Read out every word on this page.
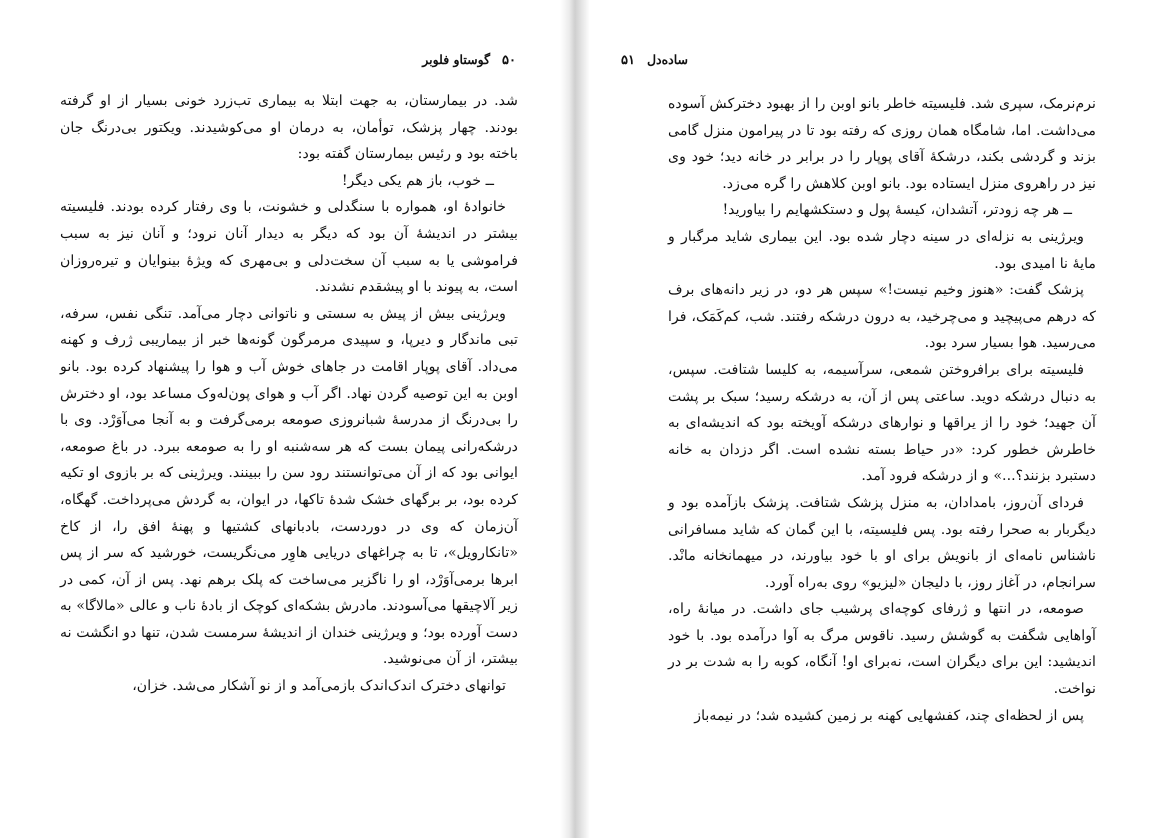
۵۰
گوستاو فلوبر

شد. در بیمارستان، به جهت ابتلا به بیماری تب‌زرد خونی بسیار از او گرفته بودند. چهار پزشک، توأمان، به درمان او می‌کوشیدند. ویکتور بی‌درنگ جان باخته بود و رئیس بیمارستان گفته بود:

ــ خوب، باز هم یکی دیگر!

خانوادهٔ او، همواره با سنگدلی و خشونت، با وی رفتار کرده بودند. فلیسیته بیشتر در اندیشهٔ آن بود که دیگر به دیدار آنان نرود؛ و آنان نیز به سبب فراموشی یا به سبب آن سخت‌دلی و بی‌مهری که ویژهٔ بینوایان و تیره‌روزان است، به پیوند با او پیشقدم نشدند.

ویرژینی بیش از پیش به سستی و ناتوانی دچار می‌آمد. تنگی نفس، سرفه، تبی ماندگار و دیرپا، و سپیدی مرمرگون گونه‌ها خبر از بیماریبی ژرف و کهنه می‌داد. آقای پوپار اقامت در جاهای خوش آب و هوا را پیشنهاد کرده بود. بانو اوبن به این توصیه گردن نهاد. اگر آب و هوای پون‌له‌وک مساعد بود، او دخترش را بی‌درنگ از مدرسهٔ شبانروزی صومعه برمی‌گرفت و به آنجا می‌آوَرْد. وی با درشکه‌رانی پیمان بست که هر سه‌شنبه او را به صومعه ببرد. در باغ صومعه، ایوانی بود که از آن می‌توانستند رود سن را ببینند. ویرژینی که بر بازوی او تکیه کرده بود، بر برگهای خشک شدهٔ تاکها، در ایوان، به گردش می‌پرداخت. گهگاه، آن‌زمان که وی در دوردست، بادبانهای کشتیها و پهنهٔ افق را، از کاخ «تانکارویل»، تا به چراغهای دریایی هاوِر می‌نگریست، خورشید که سر از پس ابرها برمی‌آوَرْد، او را ناگزیر می‌ساخت که پلک برهم نهد. پس از آن، کمی در زیر آلاچیقها می‌آسودند. مادرش بشکه‌ای کوچک از بادهٔ ناب و عالی «مالاگا» به دست آورده بود؛ و ویرژینی خندان از اندیشهٔ سرمست شدن، تنها دو انگشت نه بیشتر، از آن می‌نوشید.

توانهای دخترک اندک‌اندک بازمی‌آمد و از نو آشکار می‌شد. خزان،

ساده‌دل
۵۱

نرم‌نرمک، سپری شد. فلیسیته خاطر بانو اوبن را از بهبود دخترکش آسوده می‌داشت. اما، شامگاه همان روزی که رفته بود تا در پیرامون منزل گامی بزند و گردشی بکند، درشکهٔ آقای پوپار را در برابر در خانه دید؛ خود وی نیز در راهروی منزل ایستاده بود. بانو اوبن کلاهش را گره می‌زد.

ــ هر چه زودتر، آتشدان، کیسهٔ پول و دستکشهایم را بیاورید!

ویرژینی به نزله‌ای در سینه دچار شده بود. این بیماری شاید مرگبار و مایهٔ نا امیدی بود.

پزشک گفت: «هنوز وخیم نیست!» سپس هر دو، در زیر دانه‌های برف که درهم می‌پیچید و می‌چرخید، به درون درشکه رفتند. شب، کم‌کَمَک، فرا می‌رسید. هوا بسیار سرد بود.

فلیسیته برای برافروختن شمعی، سرآسیمه، به کلیسا شتافت. سپس، به دنبال درشکه دوید. ساعتی پس از آن، به درشکه رسید؛ سبک بر پشت آن جهید؛ خود را از یراقها و نوارهای درشکه آویخته بود که اندیشه‌ای به خاطرش خطور کرد: «در حیاط بسته نشده است. اگر دزدان به خانه دستبرد بزنند؟...» و از درشکه فرود آمد.

فردای آن‌روز، بامدادان، به منزل پزشک شتافت. پزشک بازآمده بود و دیگربار به صحرا رفته بود. پس فلیسیته، با این گمان که شاید مسافرانی ناشناس نامه‌ای از بانویش برای او با خود بیاورند، در میهمانخانه مانْد. سرانجام، در آغاز روز، با دلیجان «لیزیو» روی به‌راه آورد.

صومعه، در انتها و ژرفای کوچه‌ای پرشیب جای داشت. در میانهٔ راه، آواهایی شگفت به گوشش رسید. ناقوس مرگ به آوا درآمده بود. با خود اندیشید: این برای دیگران است، نه‌برای او! آنگاه، کوبه را به شدت بر در نواخت.

پس از لحظه‌ای چند، کفشهایی کهنه بر زمین کشیده شد؛ در نیمه‌باز
